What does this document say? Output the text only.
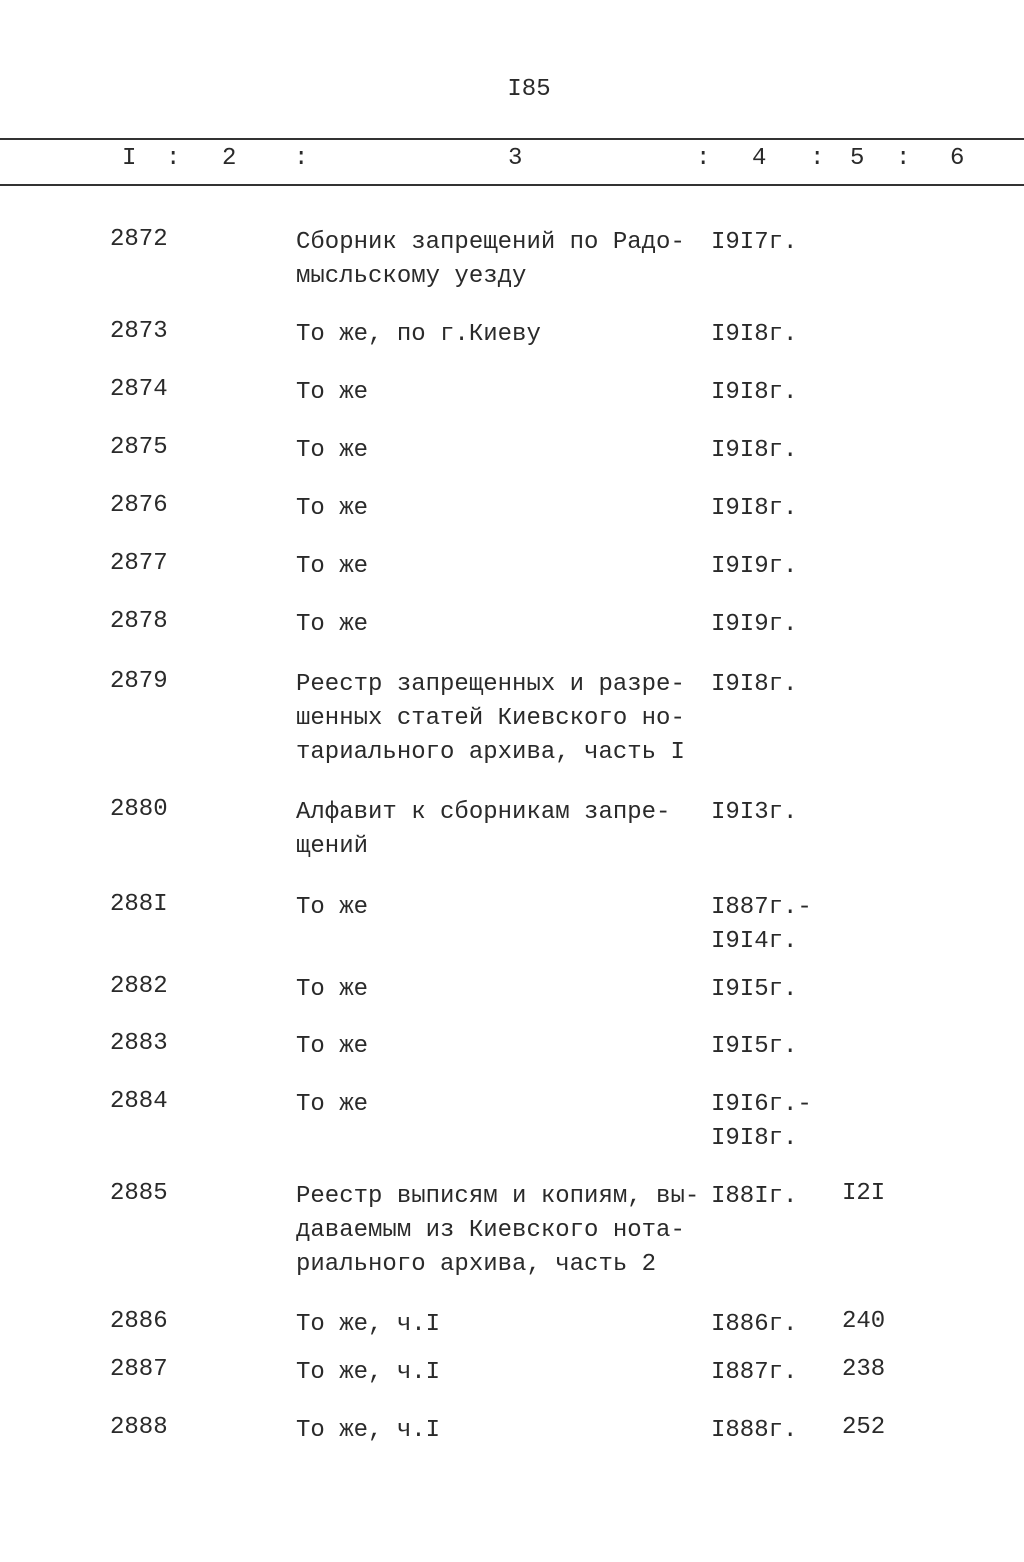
I85
I : 2 :	3	: 4 : 5 : 6
2872	Сборник запрещений по Радо-
мысльскому уезду
I9I7г.
2873	То же, по г.Киеву	I9I8г.
2874	То же	I9I8г.
2875	То же	I9I8г.
2876	То же	I9I8г.
2877	То же	I9I9г.
2878	То же	I9I9г.
2879	Реестр запрещенных и разре-
шенных статей Киевского но-
тариального архива, часть I
I9I8г.
2880	Алфавит к сборникам запре-
щений
I9I3г.
288I	То же	I887г.-
I9I4г.
2882	То же	I9I5г.
2883	То же	I9I5г.
2884	То же	I9I6г.-
I9I8г.
2885	Реестр выписям и копиям, вы-
даваемым из Киевского нота-
риального архива, часть 2
I88Iг.	I2I
2886	То же, ч.I	I886г.	240
2887	То же, ч.I	I887г.	238
2888	То же, ч.I	I888г.	252
